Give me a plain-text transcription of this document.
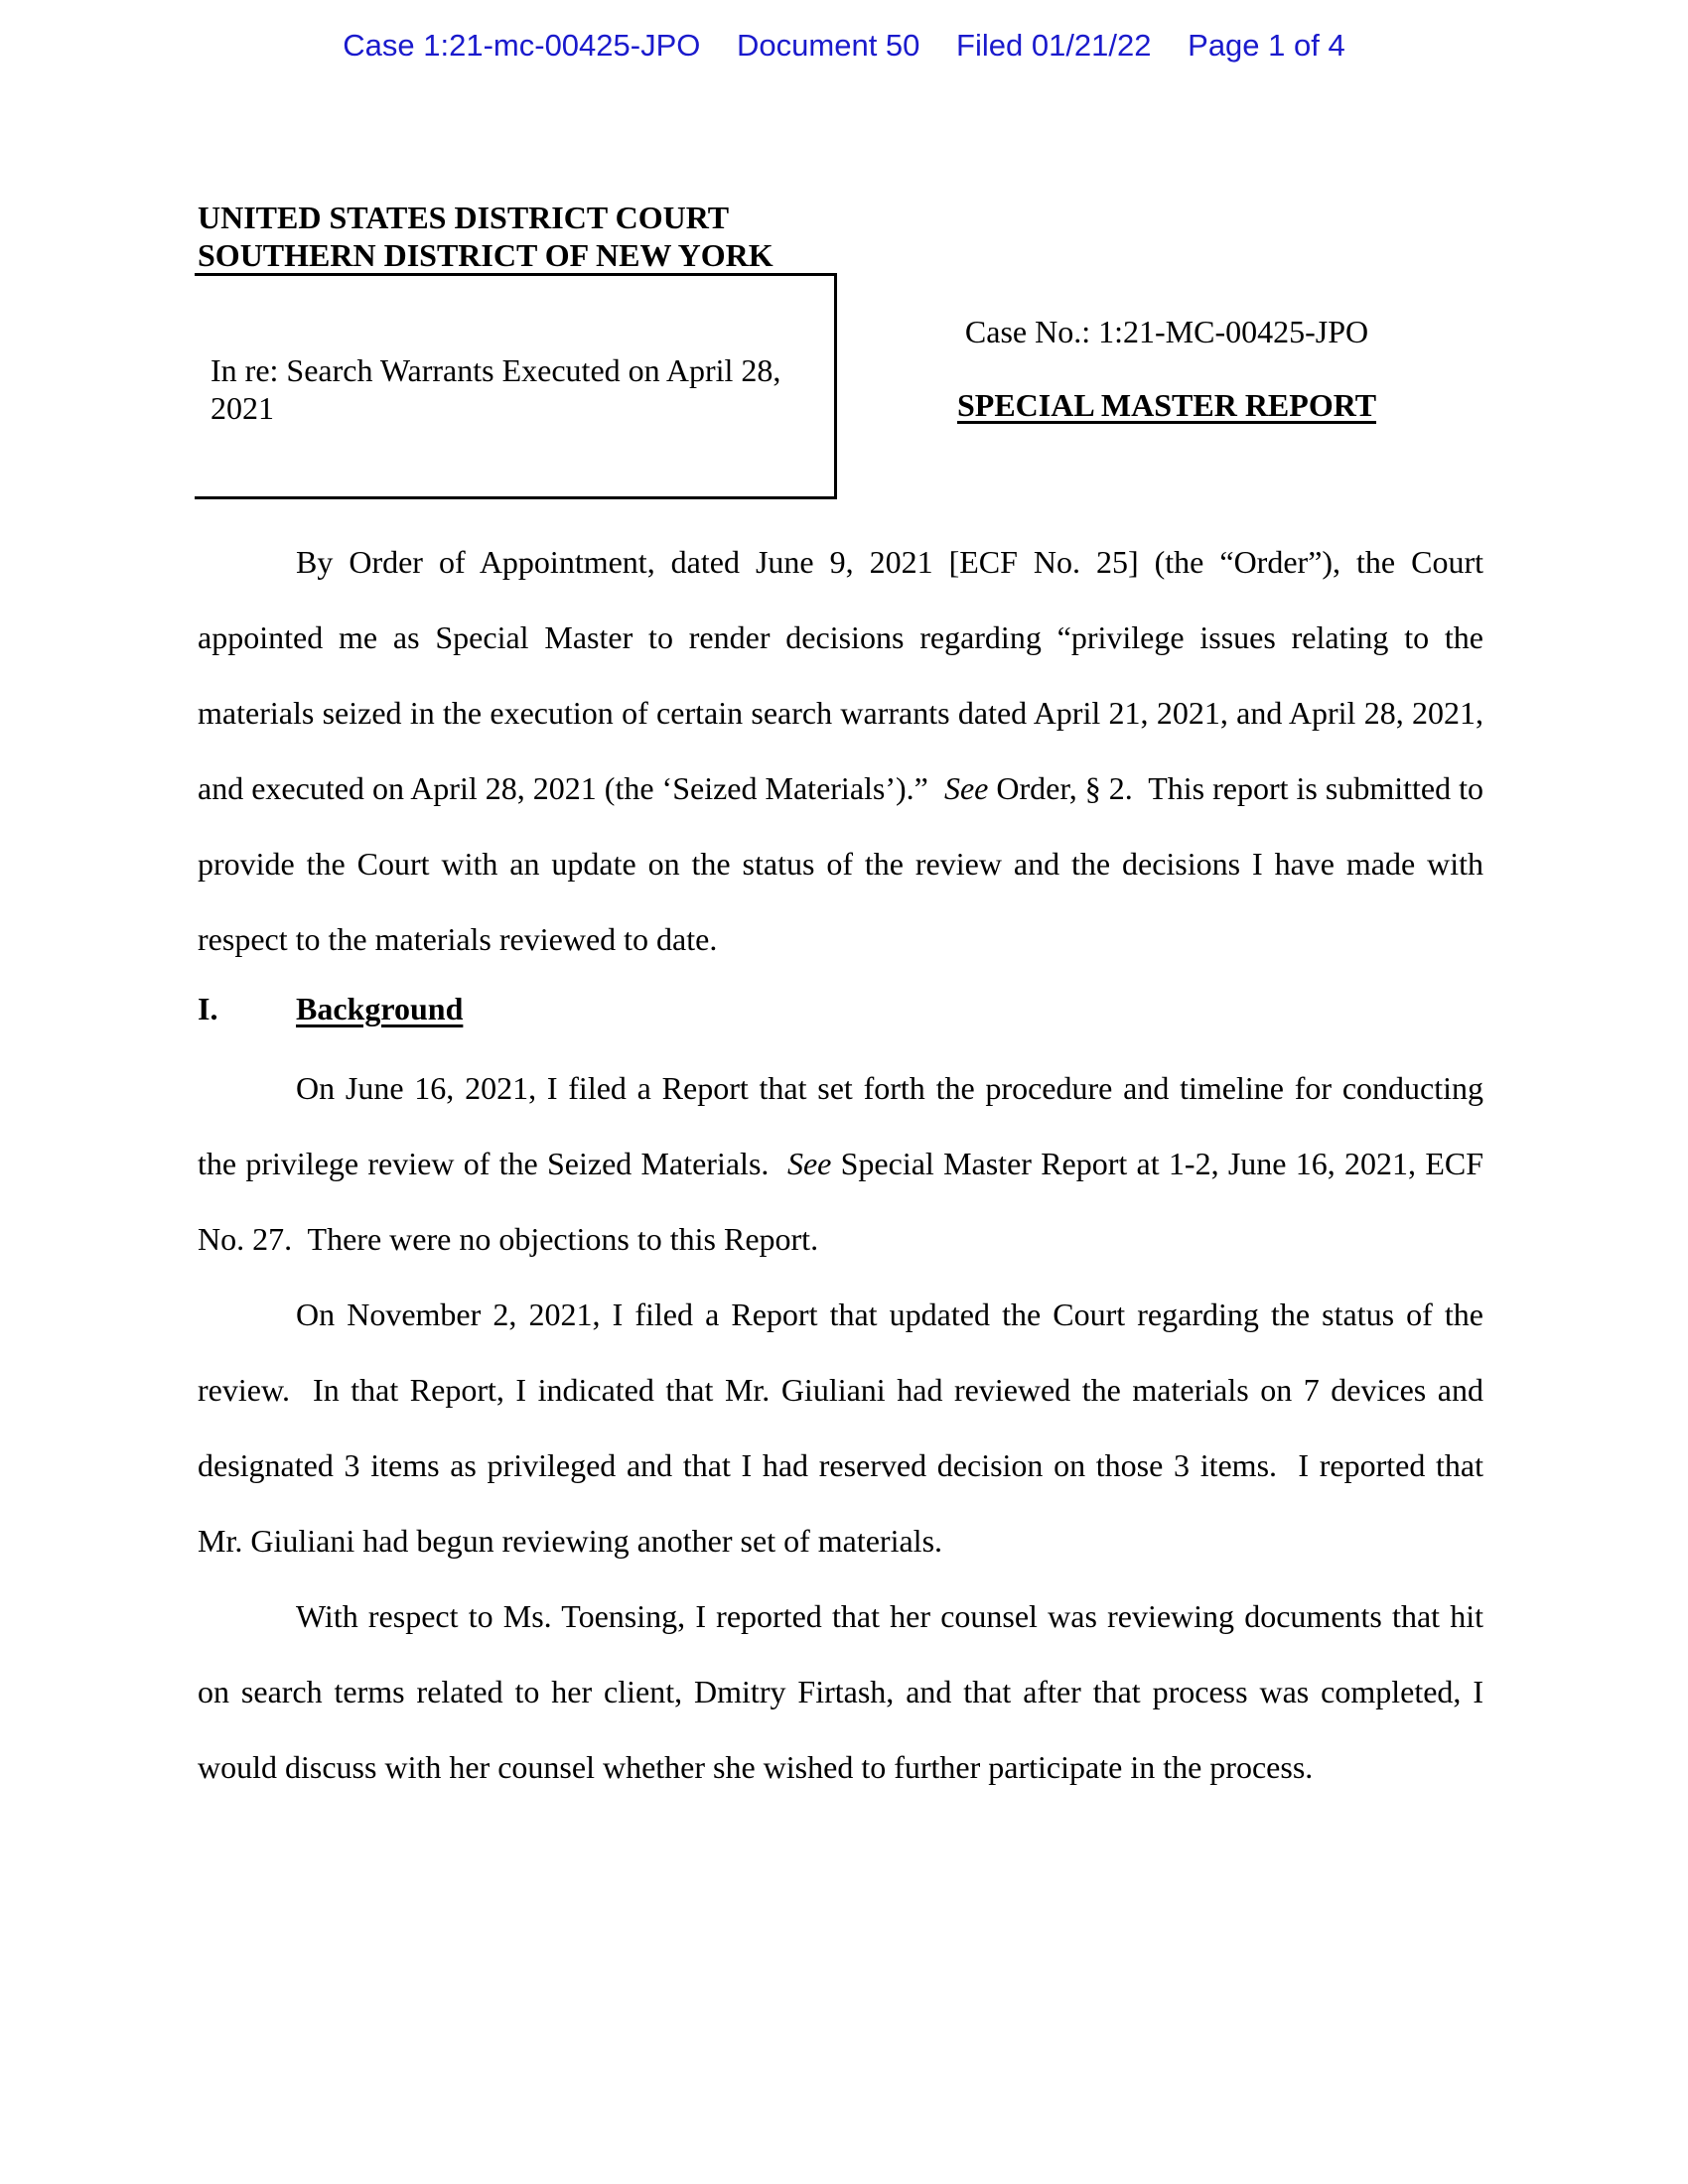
Case 1:21-mc-00425-JPO Document 50 Filed 01/21/22 Page 1 of 4
UNITED STATES DISTRICT COURT
SOUTHERN DISTRICT OF NEW YORK
In re: Search Warrants Executed on April 28, 2021
Case No.: 1:21-MC-00425-JPO
SPECIAL MASTER REPORT

By Order of Appointment, dated June 9, 2021 [ECF No. 25] (the “Order”), the Court appointed me as Special Master to render decisions regarding “privilege issues relating to the materials seized in the execution of certain search warrants dated April 21, 2021, and April 28, 2021, and executed on April 28, 2021 (the ‘Seized Materials’).”  See Order, § 2.  This report is submitted to provide the Court with an update on the status of the review and the decisions I have made with respect to the materials reviewed to date.

I. Background

On June 16, 2021, I filed a Report that set forth the procedure and timeline for conducting the privilege review of the Seized Materials.  See Special Master Report at 1-2, June 16, 2021, ECF No. 27.  There were no objections to this Report.

On November 2, 2021, I filed a Report that updated the Court regarding the status of the review.  In that Report, I indicated that Mr. Giuliani had reviewed the materials on 7 devices and designated 3 items as privileged and that I had reserved decision on those 3 items.  I reported that Mr. Giuliani had begun reviewing another set of materials.

With respect to Ms. Toensing, I reported that her counsel was reviewing documents that hit on search terms related to her client, Dmitry Firtash, and that after that process was completed, I would discuss with her counsel whether she wished to further participate in the process.
